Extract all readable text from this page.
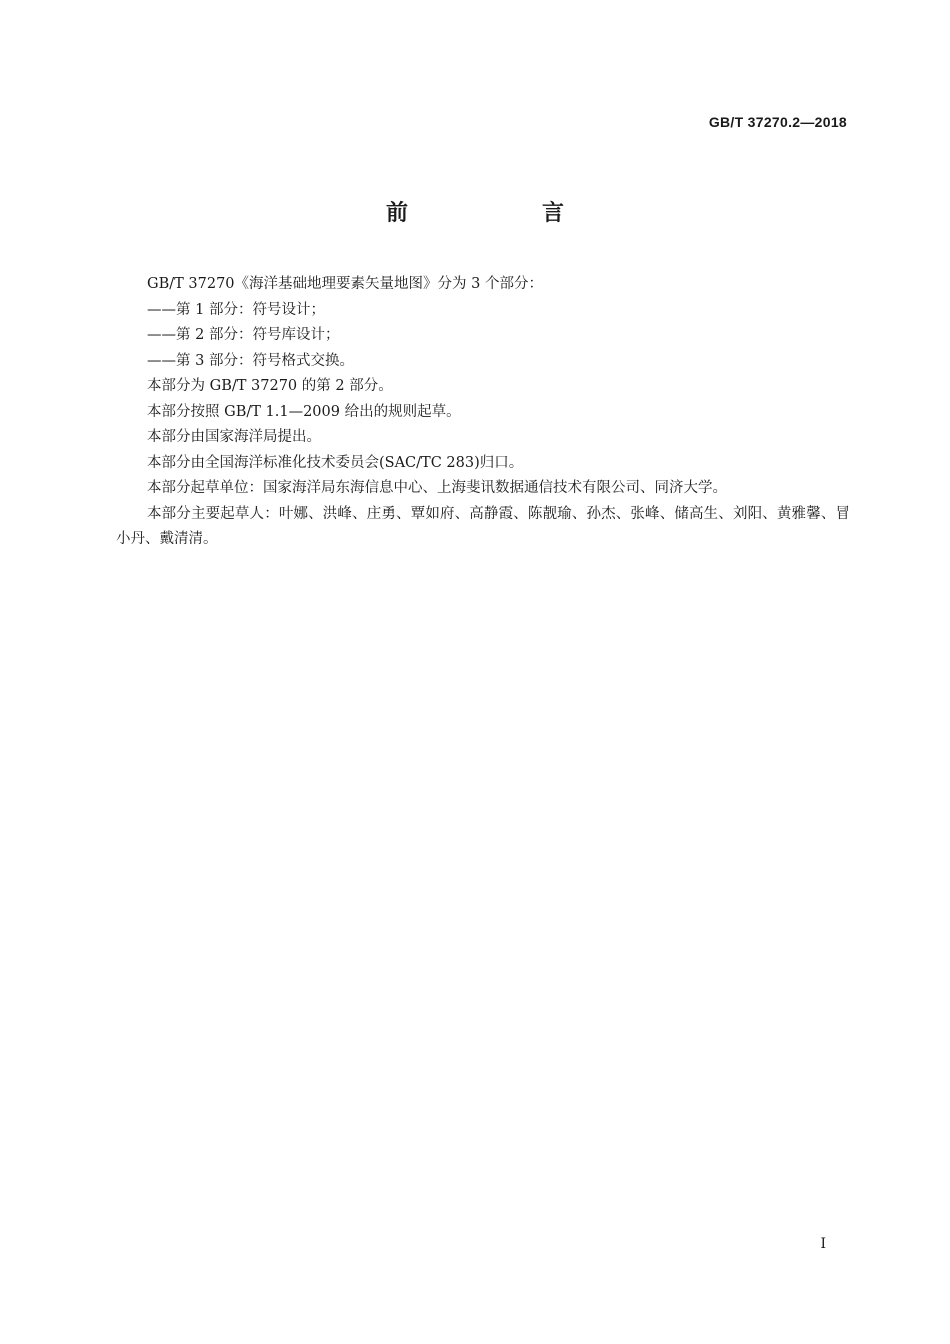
GB/T 37270.2—2018
前　言

GB/T 37270《海洋基础地理要素矢量地图》分为 3 个部分：

——第 1 部分：符号设计；

——第 2 部分：符号库设计；

——第 3 部分：符号格式交换。

本部分为 GB/T 37270 的第 2 部分。

本部分按照 GB/T 1.1—2009 给出的规则起草。

本部分由国家海洋局提出。

本部分由全国海洋标准化技术委员会(SAC/TC 283)归口。

本部分起草单位：国家海洋局东海信息中心、上海斐讯数据通信技术有限公司、同济大学。

本部分主要起草人：叶娜、洪峰、庄勇、覃如府、高静霞、陈靓瑜、孙杰、张峰、储高生、刘阳、黄雅馨、冒小丹、戴清清。

I
